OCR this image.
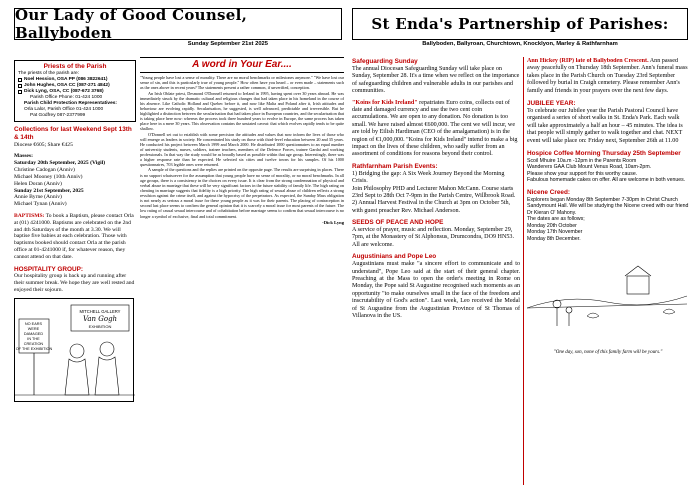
Our Lady of Good Counsel, Ballyboden
Sunday September 21st 2025
Priests of the Parish
The priests of the parish are:
Noel Hession, OSA PP (086 3822641)
John Hughes, OSA CC (087-271 4842)
Dick Lyng, OSA, CC (087-672 3768)
Parish Office Phone: 01-424 1000
Parish Child Protection Representatives:
Orla Lalor, Parish Office 01-424 1000
Pat Godfrey 087-2377999

Collections for last Weekend Sept 13th & 14th

Diocese €605; Share €425

Masses:

Saturday 20th September, 2025 (Vigil)

Christine Cadogan (Anniv)

Michael Mooney (10th Anniv)

Helen Doran (Anniv)

Sunday 21st September, 2025

Annie Byrne (Anniv)

Michael Tynan (Anniv)

BAPTISMS: To book a Baptism, please contact Orla at (01) 4241000. Baptisms are celebrated on the 2nd and 4th Saturdays of the month at 3.30. We will baptise five babies at each celebration. Those with baptisms booked should contact Orla at the parish office at 01-4241000 if, for whatever reason, they cannot attend on that date.

HOSPITALITY GROUP:

Our hospitality group is back up and running after their summer break. We hope they are well rested and enjoyed their sojourn.

MITCHELL GALLERY
Van Gogh
EXHIBITION
NO EARS WERE DAMAGED IN THE CREATION OF THE EXHIBITION
A word in Your Ear....

"Young people have lost a sense of morality. There are no moral benchmarks or milestones anymore." "We have lost our sense of sin, and this is particularly true of young people." How often have you heard – or even made – statements such as the ones above in recent years? The statements present a rather common, if unverified, conception.

An Irish Oblate priest, Desmond O'Donnell returned to Ireland in 1995, having spent over 30 years abroad. He was immediately struck by the dramatic cultural and religious changes that had taken place in his homeland in the course of his absence. Like Catholic Holland and Quebec before it, and now like Malta and Poland after it, Irish attitudes and behaviour are evolving rapidly. Secularisation, he suggested, is well advanced, predictable and irreversible. But he highlighted a distinction between the secularisation that had taken place in European countries, and the secularisation that is taking place here now: whereas the process took three hundred years to evolve in Europe, the same process has taken place here in a mere 30 years. This observation contains the unstated caveat: that which evolves rapidly tends to be quite shallow.

O'Donnell set out to establish with some precision the attitudes and values that now inform the lives of those who will emerge as leaders in society. He concentrated his study on those with third-level education between 20 and 35 years. He conducted his project between March 1999 and March 2000. He distributed 1000 questionnaires to an equal number of university students, nurses, soldiers, trainee teachers, members of the Defence Forces, trainee Gardaí and working professionals. In that way the study would be as broadly based as possible within that age group. Interestingly, there was a higher response rate than he expected. He selected six cities and twelve towns for his samples. Of his 1000 questionnaires, 703 legible ones were returned.

A sample of the questions and the replies are printed on the opposite page. The results are surprising in places. There is no support whatsoever for the assumption that young people have no sense of morality, or no moral benchmarks. In all age groups, there is a consistency in the choices on every issue. It is clear from the strong condemnation of physical and verbal abuse in marriage that these will be very significant factors in the future stability of family life. The high rating on cheating in marriage suggests that fidelity is a high priority. The high rating of sexual abuse of children reflects a strong revulsion against the crime itself, and against the hypocrisy of the perpetrators. As expected, the Sunday Mass obligation is not nearly as serious a moral issue for these young people as it was for their parents. The placing of contraception in second last place seems to confirm the general opinion that it is scarcely a moral issue for most parents of the future. The low rating of casual sexual intercourse and of cohabitation before marriage seems to confirm that sexual intercourse is no longer a symbol of exclusive, final and total commitment.

-Dick Lyng
St Enda's Partnership of Parishes:
Ballyboden, Ballyroan, Churchtown, Knocklyon, Marley & Rathfarnham

Safeguarding Sunday

The annual Diocesan Safeguarding Sunday will take place on Sunday, September 28. It's a time when we reflect on the importance of safeguarding children and vulnerable adults in our parishes and communities.

"Koins for Kids Ireland" repatriates Euro coins, collects out of date and damaged currency and use the two cent coin accumulations. We are open to any donation. No donation is too small. We have raised almost €600,000. The cent we will incur, we are told by Eilish Hardiman (CEO of the amalgamation) is in the region of €1,000,000. "Koins for Kids Ireland" intend to make a big impact on the lives of these children, who sadly suffer from an assortment of conditions for reasons beyond their control.

Rathfarnham Parish Events:

1) Bridging the gap: A Six Week Journey Beyond the Morning Crisis.

Join Philosophy PHD and Lecturer Mahon McCann. Course starts 23rd Sept to 28th Oct 7-9pm in the Parish Centre, Willbrook Road.

2) Annual Harvest Festival in the Church at 3pm on October 5th, with guest preacher Rev. Michael Anderson.

SEEDS OF PEACE AND HOPE

A service of prayer, music and reflection. Monday, September 29, 7pm, at the Monastery of St Alphonsus, Drumcondra, DO9 HN53. All are welcome.

Augustinians and Pope Leo

Augustinians must make "a sincere effort to communicate and to understand", Pope Leo said at the start of their general chapter. Preaching at the Mass to open the order's meeting in Rome on Monday, the Pope said St Augustine recognised such moments as an opportunity "to make ourselves small in the face of the freedom and inscrutability of God's action". Last week, Leo received the Medal of St Augustine from the Augustinian Province of St Thomas of Villanova in the US.

Ann Hickey (RIP) late of Ballyboden Crescent. Ann passed away peacefully on Thursday 18th September. Ann's funeral mass takes place in the Parish Church on Tuesday 23rd September followed by burial in Craigh cemetery. Please remember Ann's family and friends in your prayers over the next few days.

JUBILEE YEAR:

To celebrate our Jubilee year the Parish Pastoral Council have organised a series of short walks in St. Enda's Park. Each walk will take approximately a half an hour – 45 minutes. The idea is that people will simply gather to walk together and chat. NEXT event will take place on: Friday next, September 26th at 11.00

Hospice Coffee Morning Thursday 25th September

Scoil Mhuire 10a.m -12pm in the Parents Room

Wanderers GAA Club Mount Venus Road, 10am-2pm.

Please show your support for this worthy cause.

Fabulous homemade cakes on offer. All are welcome in both venues.

Nicene Creed:

Explorers began Monday 8th September 7-30pm in Christ Church Sandymount Hall. We will be studying the Nicene creed with our friend Dr Kieran O' Mahony.

The dates are as follows;

Monday 20th October

Monday 17th November

Monday 8th December.

"One day, son, none of this family farm will be yours."
